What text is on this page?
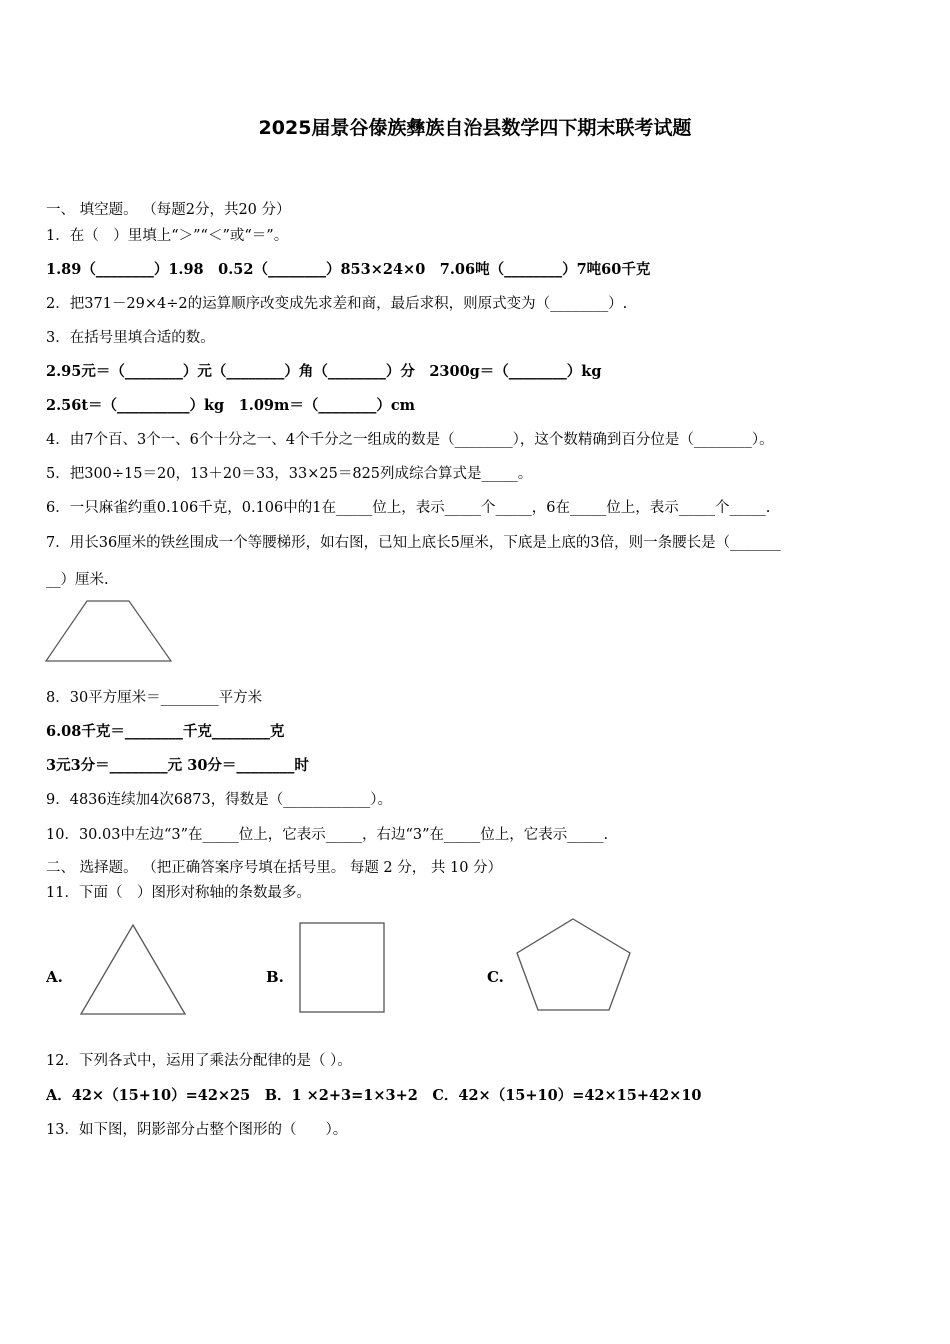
2025届景谷傣族彝族自治县数学四下期末联考试题
一、 填空题。 （每题2分，共20 分）
1．在（　）里填上“＞”“＜”或“＝”。
1.89（________）1.98　0.52（________）853×24×0　7.06吨（________）7吨60千克
2．把371－29×4÷2的运算顺序改变成先求差和商，最后求积，则原式变为（________）.
3．在括号里填合适的数。
2.95元＝（________）元（________）角（________）分　2300g＝（________）kg
2.56t＝（__________）kg　1.09m＝（________）cm
4．由7个百、3个一、6个十分之一、4个千分之一组成的数是（________），这个数精确到百分位是（________）。
5．把300÷15＝20，13＋20＝33，33×25＝825列成综合算式是_____。
6．一只麻雀约重0.106千克，0.106中的1在_____位上，表示_____个_____，6在_____位上，表示_____个_____.
7．用长36厘米的铁丝围成一个等腰梯形，如右图，已知上底长5厘米，下底是上底的3倍，则一条腰长是（_______
__）厘米.
8．30平方厘米＝________平方米
6.08千克＝________千克________克
3元3分＝________元 30分＝________时
9．4836连续加4次6873，得数是（____________）。
10．30.03中左边“3”在_____位上，它表示_____，右边“3”在_____位上，它表示_____.
二、 选择题。 （把正确答案序号填在括号里。 每题 2 分， 共 10 分）
11．下面（　）图形对称轴的条数最多。
A.	B.	C.
12．下列各式中，运用了乘法分配律的是（ ）。
A．42×（15+10）=42×25　B．1 ×2+3=1×3+2　C．42×（15+10）=42×15+42×10
13．如下图，阴影部分占整个图形的（　　）。
